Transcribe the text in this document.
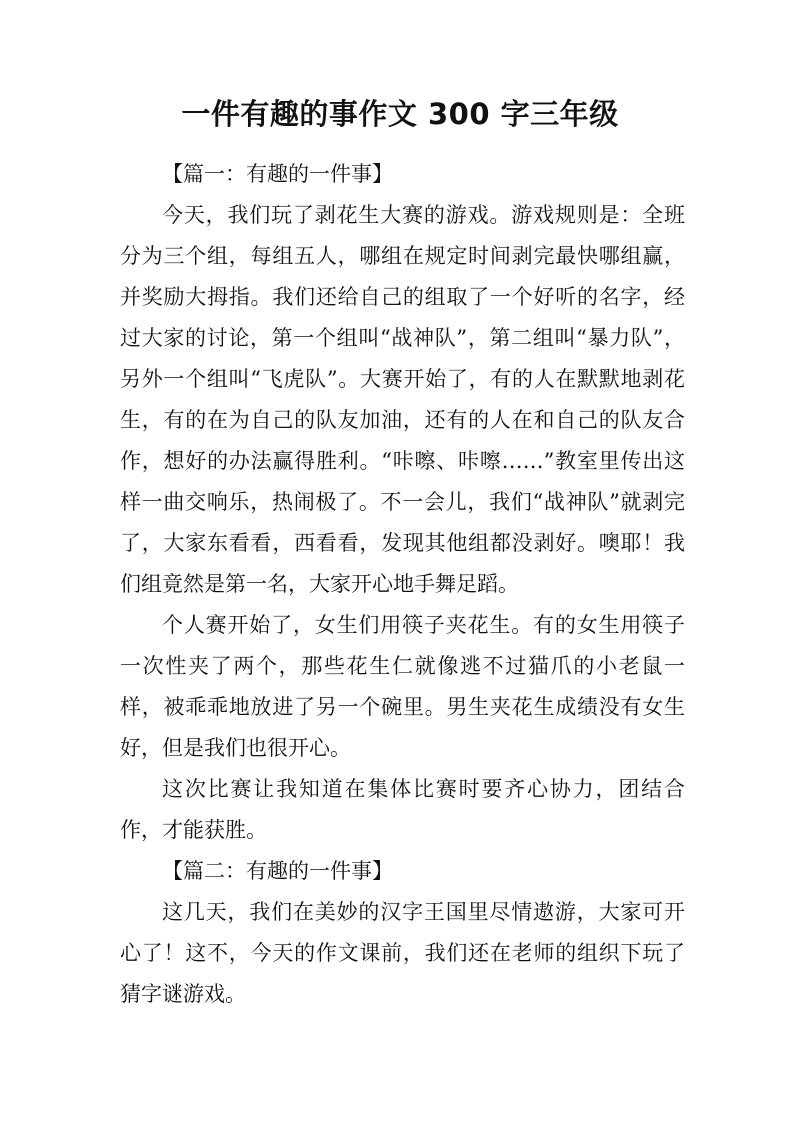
一件有趣的事作文 300 字三年级

【篇一：有趣的一件事】

今天，我们玩了剥花生大赛的游戏。游戏规则是：全班分为三个组，每组五人，哪组在规定时间剥完最快哪组赢，并奖励大拇指。我们还给自己的组取了一个好听的名字，经过大家的讨论，第一个组叫“战神队”，第二组叫“暴力队”，另外一个组叫“飞虎队”。大赛开始了，有的人在默默地剥花生，有的在为自己的队友加油，还有的人在和自己的队友合作，想好的办法赢得胜利。“咔嚓、咔嚓……”教室里传出这样一曲交响乐，热闹极了。不一会儿，我们“战神队”就剥完了，大家东看看，西看看，发现其他组都没剥好。噢耶！我们组竟然是第一名，大家开心地手舞足蹈。

个人赛开始了，女生们用筷子夹花生。有的女生用筷子一次性夹了两个，那些花生仁就像逃不过猫爪的小老鼠一样，被乖乖地放进了另一个碗里。男生夹花生成绩没有女生好，但是我们也很开心。

这次比赛让我知道在集体比赛时要齐心协力，团结合作，才能获胜。

【篇二：有趣的一件事】

这几天，我们在美妙的汉字王国里尽情遨游，大家可开心了！这不，今天的作文课前，我们还在老师的组织下玩了猜字谜游戏。
